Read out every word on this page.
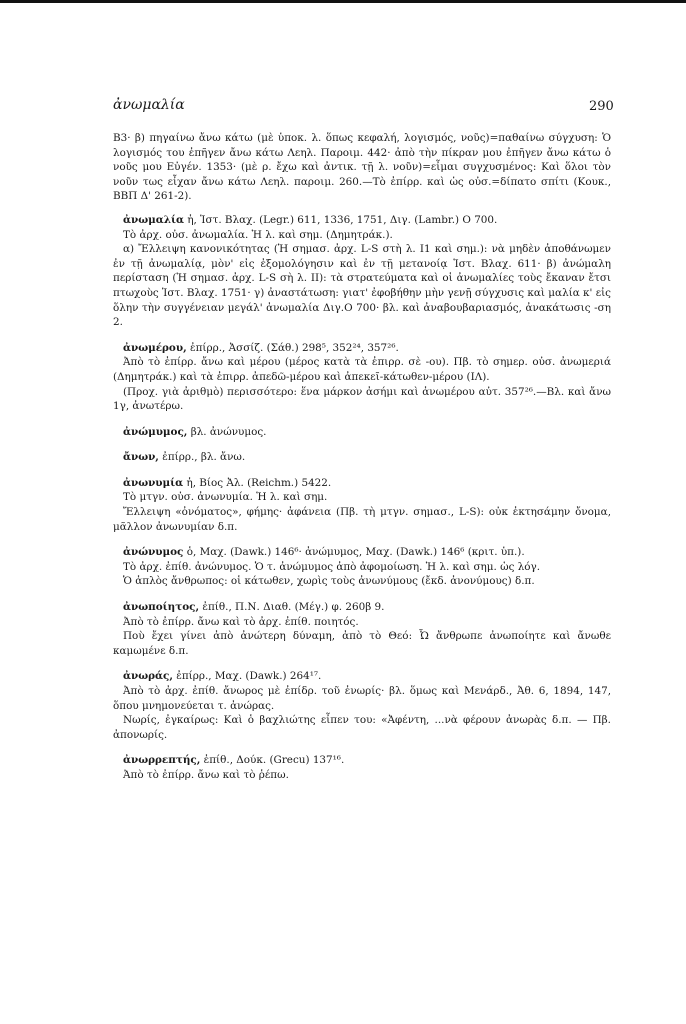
ἀνωμαλία	290

Β3· β) πηγαίνω ἄνω κάτω (μὲ ὑποκ. λ. ὅπως κεφαλή, λογισμός, νοῦς)=παθαίνω σύγχυση: Ὁ λογισμός του ἐπῆγεν ἄνω κάτω Λεηλ. Παροιμ. 442· ἀπὸ τὴν πίκραν μου ἐπῆγεν ἄνω κάτω ὁ νοῦς μου Εὐγέν. 1353· (μὲ ρ. ἔχω καὶ ἀντικ. τῇ λ. νοῦν)=εἶμαι συγχυσμένος: Καὶ ὅλοι τὸν νοῦν τως εἶχαν ἄνω κάτω Λεηλ. παροιμ. 260.—Τὸ ἐπίρρ. καὶ ὡς οὐσ.=δίπατο σπίτι (Κουκ., ΒΒΠ Δ' 261-2).

ἀνωμαλία ἡ, Ἱστ. Βλαχ. (Legr.) 611, 1336, 1751, Διγ. (Lambr.) Ο 700.

Τὸ ἀρχ. οὐσ. ἀνωμαλία. Ἡ λ. καὶ σημ. (Δημητράκ.).

α) Ἔλλειψη κανονικότητας (Ἡ σημασ. ἀρχ. L-S στὴ λ. Ι1 καὶ σημ.): νὰ μηδὲν ἀποθάνωμεν ἐν τῇ ἀνωμαλίᾳ, μὸν' εἰς ἐξομολόγησιν καὶ ἐν τῇ μετανοίᾳ Ἱστ. Βλαχ. 611· β) ἀνώμαλη περίσταση (Ἡ σημασ. ἀρχ. L-S σὴ λ. ΙΙ): τὰ στρατεύματα καὶ οἱ ἀνωμαλίες τοὺς ἔκαναν ἔτσι πτωχοὺς Ἱστ. Βλαχ. 1751· γ) ἀναστάτωση: γιατ' ἐφοβήθην μὴν γενῇ σύγχυσις καὶ μαλία κ' εἰς ὅλην τὴν συγγένειαν μεγάλ' ἀνωμαλία Διγ.Ο 700· βλ. καὶ ἀναβουβαριασμός, ἀνακάτωσις -ση 2.

ἀνωμέρου, ἐπίρρ., Ἀσσίζ. (Σάθ.) 298⁵, 352²⁴, 357²⁶.

Ἀπὸ τὸ ἐπίρρ. ἄνω καὶ μέρου (μέρος κατὰ τὰ ἐπιρρ. σὲ -ου). Πβ. τὸ σημερ. οὐσ. ἀνωμεριά (Δημητράκ.) καὶ τὰ ἐπιρρ. ἀπεδῶ-μέρου καὶ ἀπεκεῖ-κάτωθεν-μέρου (ΙΛ).

(Προχ. γιὰ ἀριθμὸ) περισσότερο: ἕνα μάρκον ἀσήμι καὶ ἀνωμέρου αὐτ. 357²⁶.—Βλ. καὶ ἄνω 1γ, ἀνωτέρω.

ἀνώμυμος, βλ. ἀνώνυμος.

ἄνων, ἐπίρρ., βλ. ἄνω.

ἀνωνυμία ἡ, Βίος Ἀλ. (Reichm.) 5422.

Τὸ μτγν. οὐσ. ἀνωνυμία. Ἡ λ. καὶ σημ.

Ἔλλειψη «ὀνόματος», φήμης· ἀφάνεια (Πβ. τὴ μτγν. σημασ., L-S): οὐκ ἐκτησάμην ὄνομα, μᾶλλον ἀνωνυμίαν δ.π.

ἀνώνυμος ὁ, Μαχ. (Dawk.) 146⁶· ἀνώμυμος, Μαχ. (Dawk.) 146⁶ (κριτ. ὑπ.).

Τὸ ἀρχ. ἐπίθ. ἀνώνυμος. Ὁ τ. ἀνώμυμος ἀπὸ ἀφομοίωση. Ἡ λ. καὶ σημ. ὡς λόγ.

Ὁ ἁπλὸς ἄνθρωπος: οἱ κάτωθεν, χωρὶς τοὺς ἀνωνύμους (ἔκδ. ἀνονύμους) δ.π.

ἀνωποίητος, ἐπίθ., Π.Ν. Διαθ. (Μέγ.) φ. 260β 9.

Ἀπὸ τὸ ἐπίρρ. ἄνω καὶ τὸ ἀρχ. ἐπίθ. ποιητός.

Ποὺ ἔχει γίνει ἀπὸ ἀνώτερη δύναμη, ἀπὸ τὸ Θεό: Ὦ ἄνθρωπε ἀνωποίητε καὶ ἄνωθε καμωμένε δ.π.

ἀνωράς, ἐπίρρ., Μαχ. (Dawk.) 264¹⁷.

Ἀπὸ τὸ ἀρχ. ἐπίθ. ἄνωρος μὲ ἐπίδρ. τοῦ ἐνωρίς· βλ. ὅμως καὶ Μενάρδ., Ἀθ. 6, 1894, 147, ὅπου μνημονεύεται τ. ἀνώρας.

Νωρίς, ἐγκαίρως: Καὶ ὁ βαχλιώτης εἶπεν του: «Ἀφέντη, ...νὰ φέρουν ἀνωρὰς δ.π. — Πβ. ἀπονωρίς.

ἀνωρρεπτής, ἐπίθ., Δούκ. (Grecu) 137¹⁶.

Ἀπὸ τὸ ἐπίρρ. ἄνω καὶ τὸ ῥέπω.
